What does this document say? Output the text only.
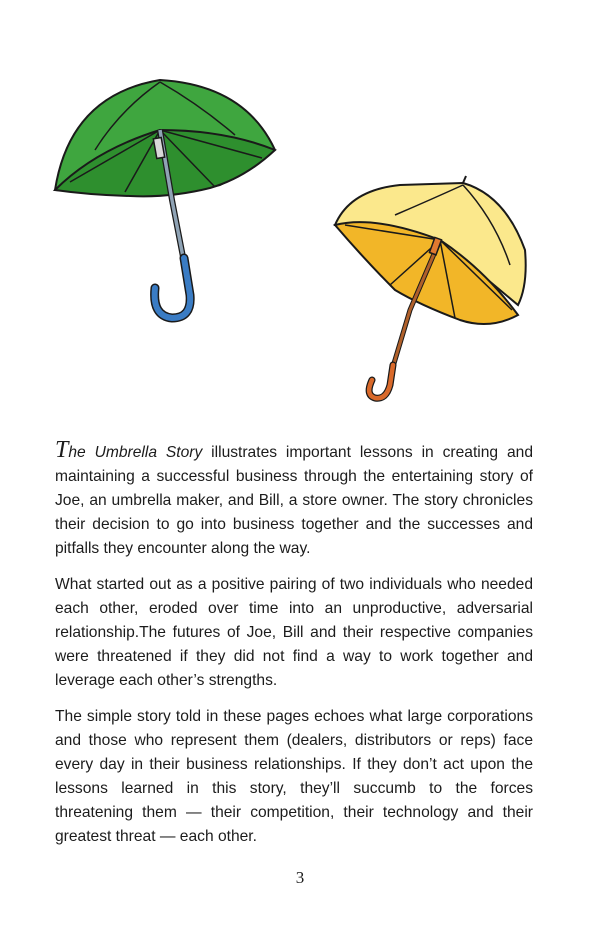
The Umbrella Story illustrates important lessons in creating and maintaining a successful business through the entertaining story of Joe, an umbrella maker, and Bill, a store owner. The story chronicles their decision to go into business together and the successes and pitfalls they encounter along the way.

What started out as a positive pairing of two individuals who needed each other, eroded over time into an unproductive, adversarial relationship.The futures of Joe, Bill and their respective companies were threatened if they did not find a way to work together and leverage each other’s strengths.

The simple story told in these pages echoes what large corporations and those who represent them (dealers, distributors or reps) face every day in their business relationships. If they don’t act upon the lessons learned in this story, they’ll succumb to the forces threatening them — their competition, their technology and their greatest threat — each other.

3
